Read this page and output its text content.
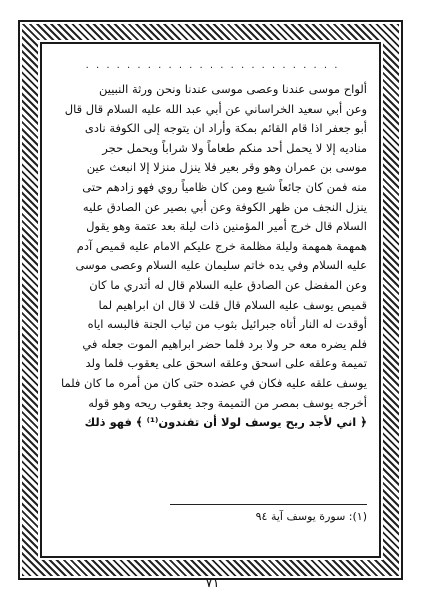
. . . . . . . . . . . . . . . . . . . . . . . . .
ألواح موسى عندنا وعصى موسى عندنا ونحن ورثة النبيين
وعن أبي سعيد الخراساني عن أبي عبد الله عليه السلام قال قال
أبو جعفر اذا قام القائم بمكة وأراد ان يتوجه إلى الكوفة نادى
مناديه إلا لا يحمل أحد منكم طعاماً ولا شراباً ويحمل حجر
موسى بن عمران وهو وقر بعير فلا ينزل منزلا إلا انبعث عين
منه فمن كان جائعاً شبع ومن كان ظامياً روي فهو زادهم حتى
ينزل النجف من ظهر الكوفة وعن أبي بصير عن الصادق عليه
السلام قال خرج أمير المؤمنين ذات ليلة بعد عتمة وهو يقول
همهمة همهمة وليلة مظلمة خرج عليكم الامام عليه قميص آدم
عليه السلام وفي يده خاتم سليمان عليه السلام وعصى موسى
وعن المفضل عن الصادق عليه السلام قال له أتدري ما كان
قميص يوسف عليه السلام قال قلت لا قال ان ابراهيم لما
أوقدت له النار أتاه جبرائيل بثوب من ثياب الجنة فالبسه اياه
فلم يضره معه حر ولا برد فلما حضر ابراهيم الموت جعله في
تميمة وعلقه على اسحق وعلقه اسحق على يعقوب فلما ولد
يوسف علقه عليه فكان في عضده حتى كان من أمره ما كان فلما
أخرجه يوسف بمصر من التميمة وجد يعقوب ريحه وهو قوله
﴿ اني لأجد ريح يوسف لولا أن تفندون⁽¹⁾ ﴾ فهو ذلك
(١): سورة يوسف آية ٩٤
٧١
